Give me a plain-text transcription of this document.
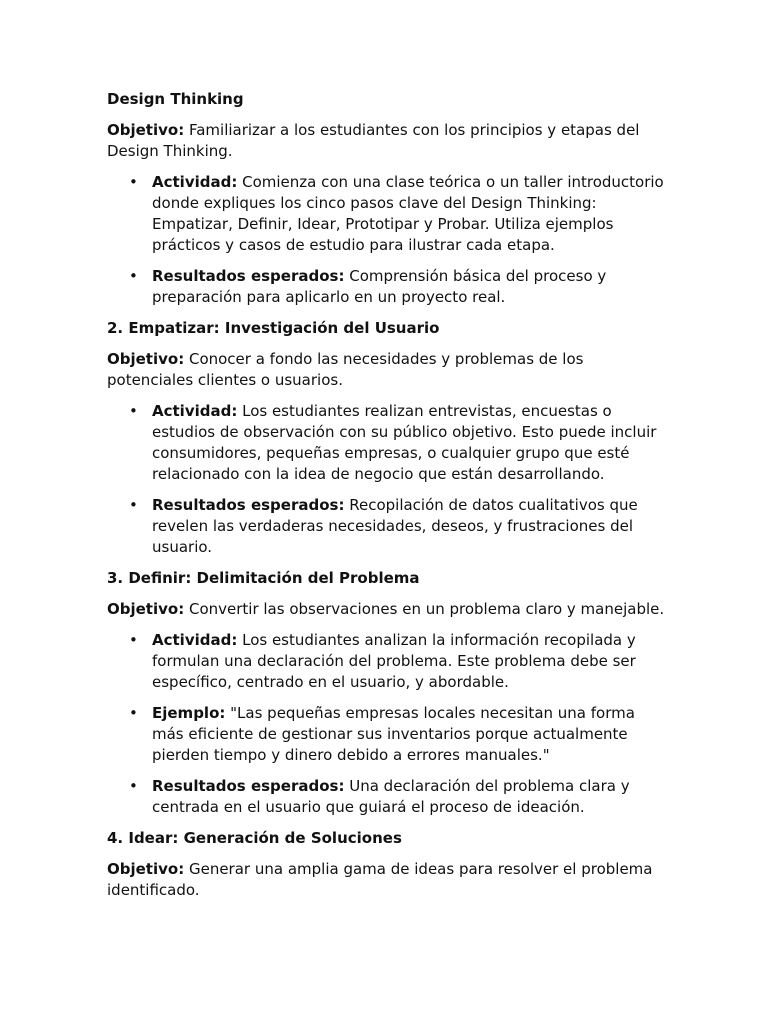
Design Thinking

Objetivo: Familiarizar a los estudiantes con los principios y etapas del Design Thinking.

• Actividad: Comienza con una clase teórica o un taller introductorio donde expliques los cinco pasos clave del Design Thinking: Empatizar, Definir, Idear, Prototipar y Probar. Utiliza ejemplos prácticos y casos de estudio para ilustrar cada etapa.
• Resultados esperados: Comprensión básica del proceso y preparación para aplicarlo en un proyecto real.

2. Empatizar: Investigación del Usuario

Objetivo: Conocer a fondo las necesidades y problemas de los potenciales clientes o usuarios.

• Actividad: Los estudiantes realizan entrevistas, encuestas o estudios de observación con su público objetivo. Esto puede incluir consumidores, pequeñas empresas, o cualquier grupo que esté relacionado con la idea de negocio que están desarrollando.
• Resultados esperados: Recopilación de datos cualitativos que revelen las verdaderas necesidades, deseos, y frustraciones del usuario.

3. Definir: Delimitación del Problema

Objetivo: Convertir las observaciones en un problema claro y manejable.

• Actividad: Los estudiantes analizan la información recopilada y formulan una declaración del problema. Este problema debe ser específico, centrado en el usuario, y abordable.
• Ejemplo: "Las pequeñas empresas locales necesitan una forma más eficiente de gestionar sus inventarios porque actualmente pierden tiempo y dinero debido a errores manuales."
• Resultados esperados: Una declaración del problema clara y centrada en el usuario que guiará el proceso de ideación.

4. Idear: Generación de Soluciones

Objetivo: Generar una amplia gama de ideas para resolver el problema identificado.
